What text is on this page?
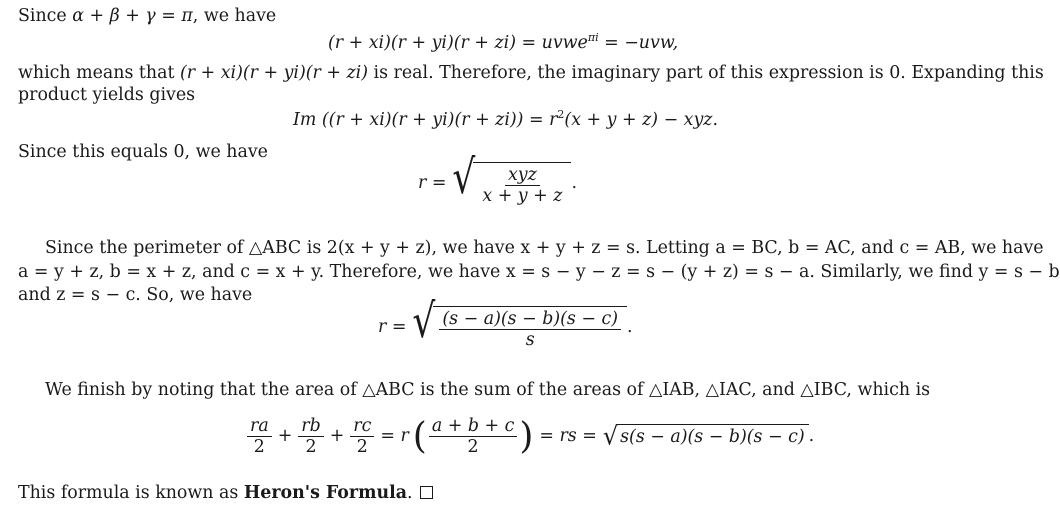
Since α + β + γ = π, we have
(r + xi)(r + yi)(r + zi) = uvwe$^{\pi i}$ = −uvw,
which means that (r + xi)(r + yi)(r + zi) is real. Therefore, the imaginary part of this expression is 0. Expanding this
product yields gives
Im $((r + xi)(r + yi)(r + zi)) = r^2(x + y + z)$ − xyz.
Since this equals 0, we have
r = √ $\frac{\text{xyz}}{x + y + z}$ .
Since the perimeter of △ABC is 2(x + y + z), we have x + y + z = s. Letting a = BC, b = AC, and c = AB, we have
a = y + z, b = x + z, and c = x + y. Therefore, we have x = s − y − z = s − (y + z) = s − a. Similarly, we find y = s − b
and z = s − c. So, we have
r = √ $\frac{(s - a)(s - b)(s - c)}{s}$ .
We finish by noting that the area of △ABC is the sum of the areas of △IAB, △IAC, and △IBC, which is
$\frac{ra}{2} + \frac{rb}{2} + \frac{rc}{2} = r$ ( $\frac{a + b + c}{2}$ ) = rs = √ s(s − a)(s − b)(s − c) .
This formula is known as Heron's Formula.
